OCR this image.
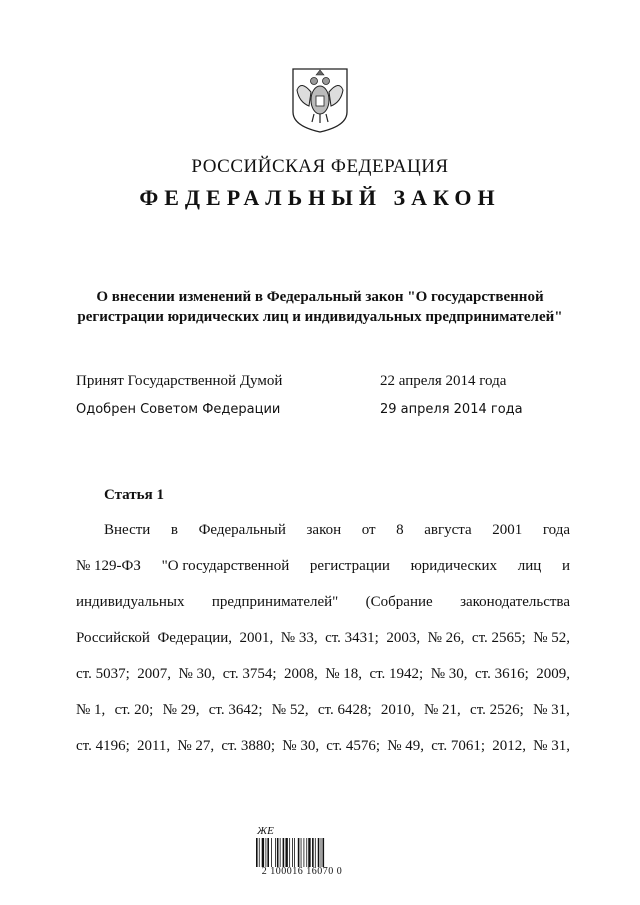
РОССИЙСКАЯ ФЕДЕРАЦИЯ
ФЕДЕРАЛЬНЫЙ ЗАКОН
О внесении изменений в Федеральный закон "О государственной
регистрации юридических лиц и индивидуальных предпринимателей"
Принят Государственной Думой	22 апреля 2014 года
Одобрен Советом Федерации	29 апреля 2014 года
Статья 1
Внести в Федеральный закон от 8 августа 2001 года
№ 129-ФЗ "О государственной регистрации юридических лиц и
индивидуальных предпринимателей" (Собрание законодательства
Российской Федерации, 2001, № 33, ст. 3431; 2003, № 26, ст. 2565; № 52,
ст. 5037; 2007, № 30, ст. 3754; 2008, № 18, ст. 1942; № 30, ст. 3616; 2009,
№ 1, ст. 20; № 29, ст. 3642; № 52, ст. 6428; 2010, № 21, ст. 2526; № 31,
ст. 4196; 2011, № 27, ст. 3880; № 30, ст. 4576; № 49, ст. 7061; 2012, № 31,
ЖE
2 100016 16070 0
